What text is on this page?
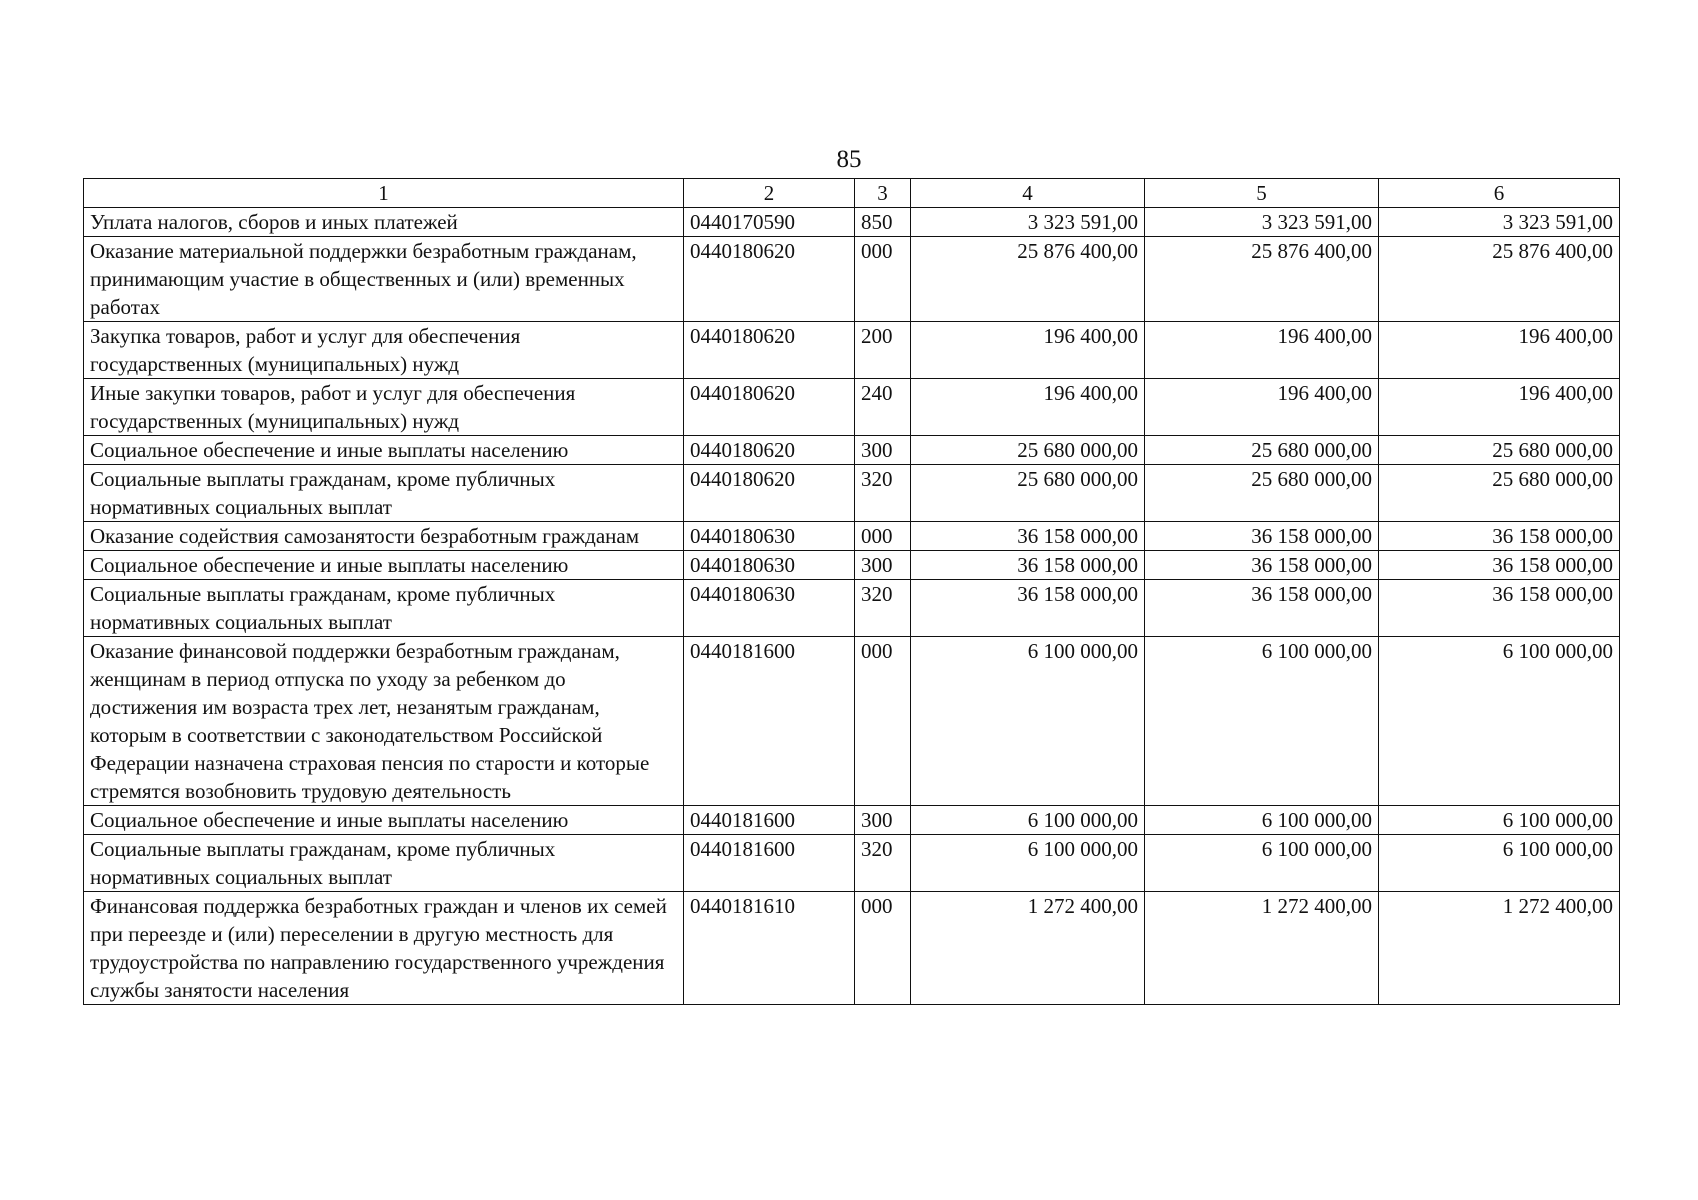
85
1	2	3	4	5	6
Уплата налогов, сборов и иных платежей	0440170590	850	3 323 591,00	3 323 591,00	3 323 591,00
Оказание материальной поддержки безработным гражданам, принимающим участие в общественных и (или) временных работах	0440180620	000	25 876 400,00	25 876 400,00	25 876 400,00
Закупка товаров, работ и услуг для обеспечения государственных (муниципальных) нужд	0440180620	200	196 400,00	196 400,00	196 400,00
Иные закупки товаров, работ и услуг для обеспечения государственных (муниципальных) нужд	0440180620	240	196 400,00	196 400,00	196 400,00
Социальное обеспечение и иные выплаты населению	0440180620	300	25 680 000,00	25 680 000,00	25 680 000,00
Социальные выплаты гражданам, кроме публичных нормативных социальных выплат	0440180620	320	25 680 000,00	25 680 000,00	25 680 000,00
Оказание содействия самозанятости безработным гражданам	0440180630	000	36 158 000,00	36 158 000,00	36 158 000,00
Социальное обеспечение и иные выплаты населению	0440180630	300	36 158 000,00	36 158 000,00	36 158 000,00
Социальные выплаты гражданам, кроме публичных нормативных социальных выплат	0440180630	320	36 158 000,00	36 158 000,00	36 158 000,00
Оказание финансовой поддержки безработным гражданам, женщинам в период отпуска по уходу за ребенком до достижения им возраста трех лет, незанятым гражданам, которым в соответствии с законодательством Российской Федерации назначена страховая пенсия по старости и которые стремятся возобновить трудовую деятельность	0440181600	000	6 100 000,00	6 100 000,00	6 100 000,00
Социальное обеспечение и иные выплаты населению	0440181600	300	6 100 000,00	6 100 000,00	6 100 000,00
Социальные выплаты гражданам, кроме публичных нормативных социальных выплат	0440181600	320	6 100 000,00	6 100 000,00	6 100 000,00
Финансовая поддержка безработных граждан и членов их семей при переезде и (или) переселении в другую местность для трудоустройства по направлению государственного учреждения службы занятости населения	0440181610	000	1 272 400,00	1 272 400,00	1 272 400,00
